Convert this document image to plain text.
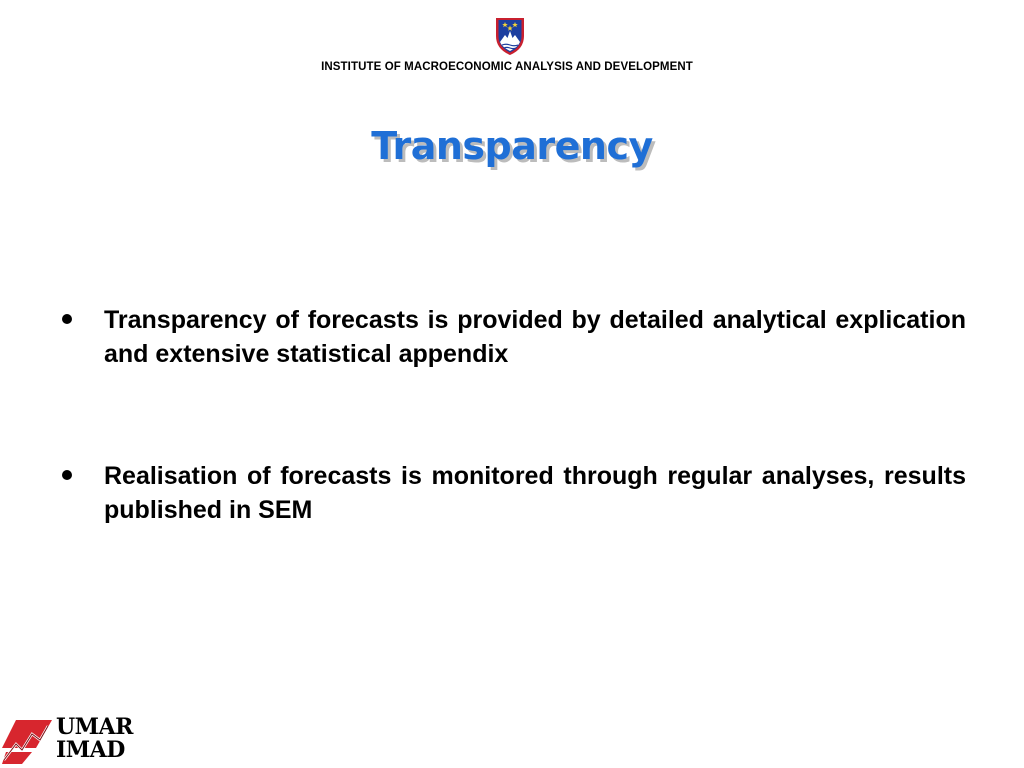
INSTITUTE OF MACROECONOMIC ANALYSIS AND DEVELOPMENT
Transparency
Transparency of forecasts is provided by detailed analytical explication and extensive statistical appendix
Realisation of forecasts is monitored through regular analyses, results published in SEM
UMAR
IMAD
